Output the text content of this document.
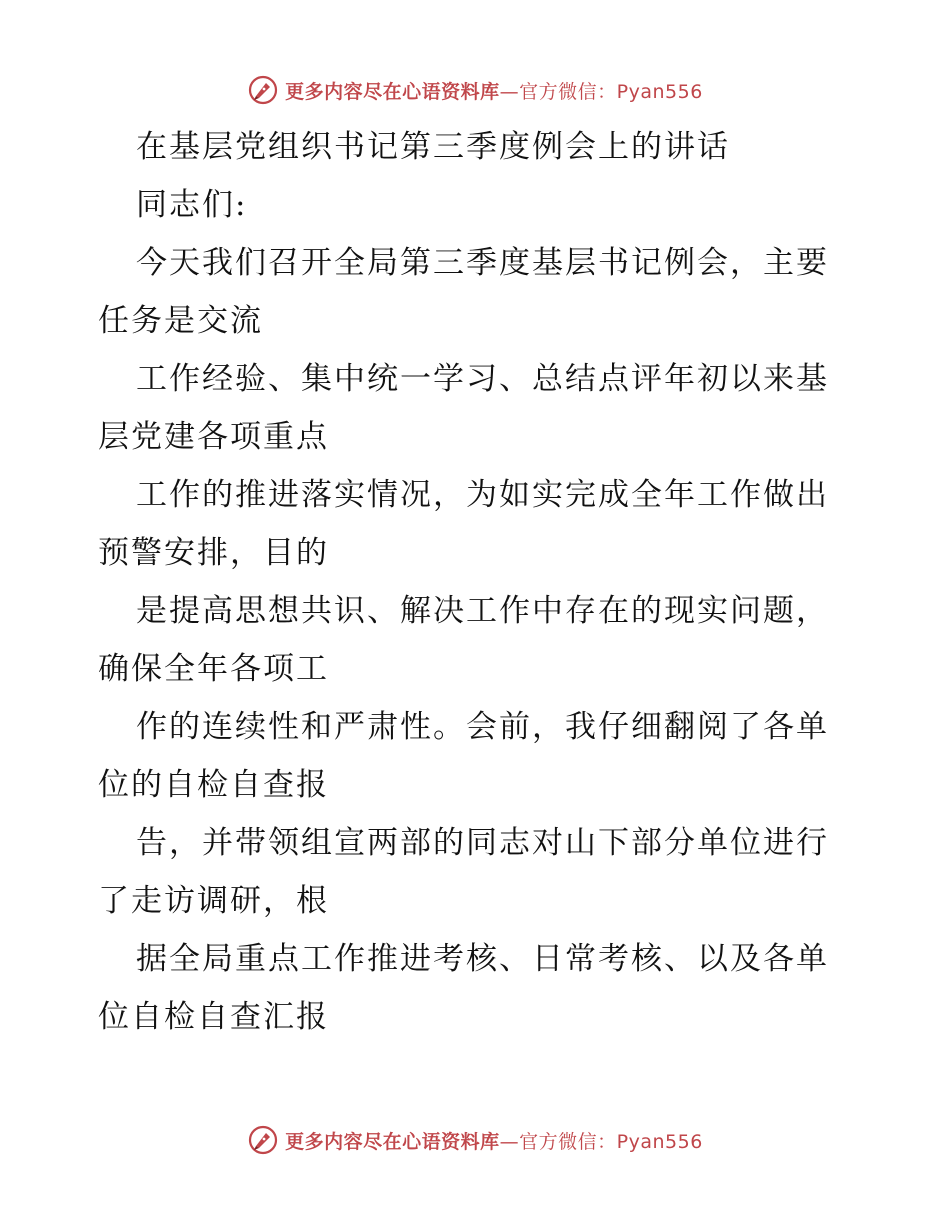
更多内容尽在心语资料库—官方微信：Pyan556
在基层党组织书记第三季度例会上的讲话
同志们:
今天我们召开全局第三季度基层书记例会，主要
任务是交流
工作经验、集中统一学习、总结点评年初以来基
层党建各项重点
工作的推进落实情况，为如实完成全年工作做出
预警安排，目的
是提高思想共识、解决工作中存在的现实问题，
确保全年各项工
作的连续性和严肃性。会前，我仔细翻阅了各单
位的自检自查报
告，并带领组宣两部的同志对山下部分单位进行
了走访调研，根
据全局重点工作推进考核、日常考核、以及各单
位自检自查汇报
更多内容尽在心语资料库—官方微信：Pyan556
